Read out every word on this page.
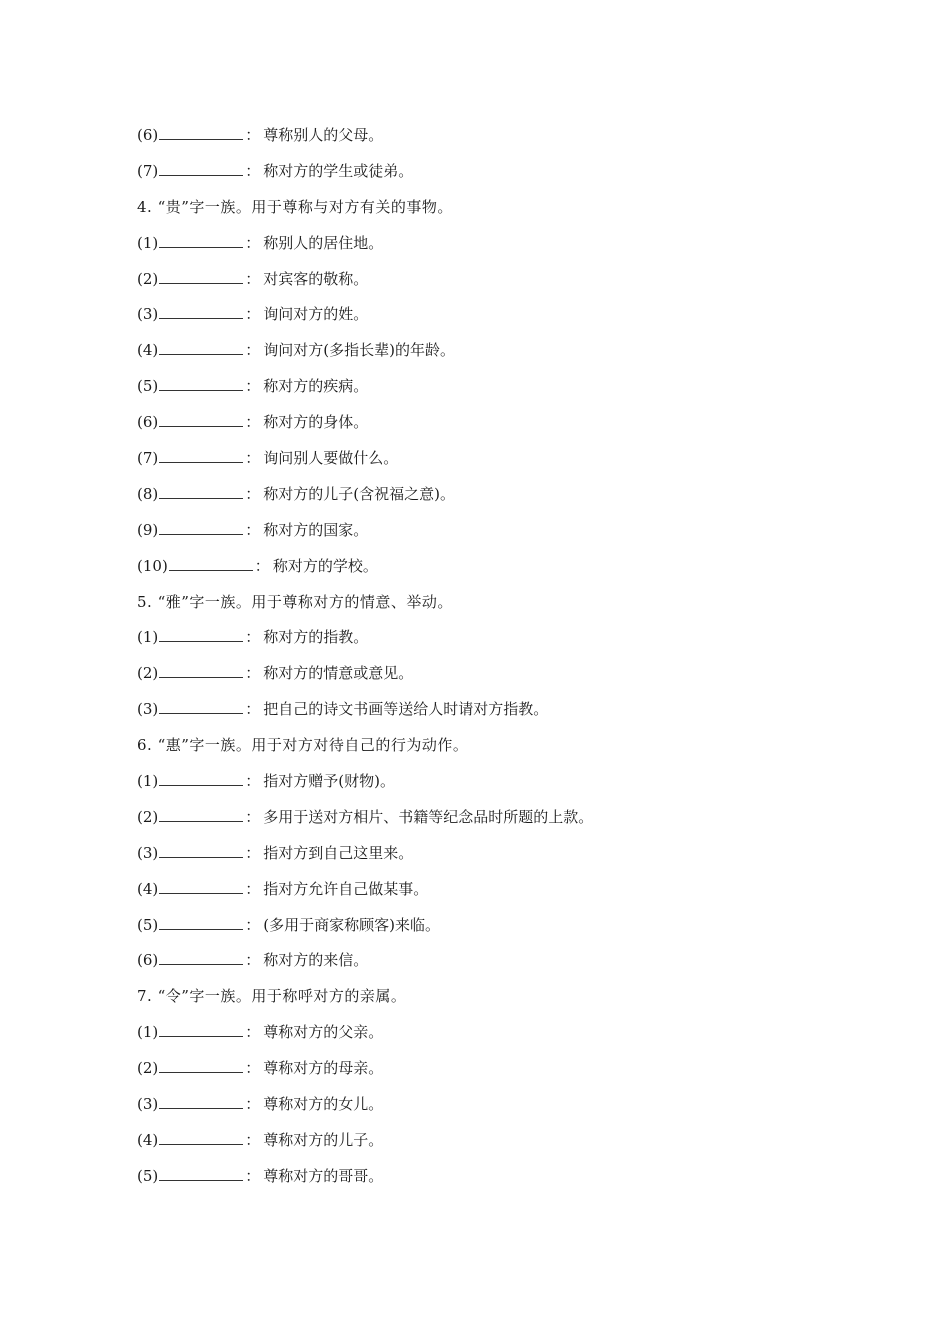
(6)	： 尊称别人的父母。
(7)	： 称对方的学生或徒弟。
4. “贵”字一族。用于尊称与对方有关的事物。
(1)	： 称别人的居住地。
(2)	： 对宾客的敬称。
(3)	： 询问对方的姓。
(4)	： 询问对方(多指长辈)的年龄。
(5)	： 称对方的疾病。
(6)	： 称对方的身体。
(7)	： 询问别人要做什么。
(8)	： 称对方的儿子(含祝福之意)。
(9)	： 称对方的国家。
(10)	： 称对方的学校。
5. “雅”字一族。用于尊称对方的情意、举动。
(1)	： 称对方的指教。
(2)	： 称对方的情意或意见。
(3)	： 把自己的诗文书画等送给人时请对方指教。
6. “惠”字一族。用于对方对待自己的行为动作。
(1)	： 指对方赠予(财物)。
(2)	： 多用于送对方相片、书籍等纪念品时所题的上款。
(3)	： 指对方到自己这里来。
(4)	： 指对方允许自己做某事。
(5)	： (多用于商家称顾客)来临。
(6)	： 称对方的来信。
7. “令”字一族。用于称呼对方的亲属。
(1)	： 尊称对方的父亲。
(2)	： 尊称对方的母亲。
(3)	： 尊称对方的女儿。
(4)	： 尊称对方的儿子。
(5)	： 尊称对方的哥哥。
